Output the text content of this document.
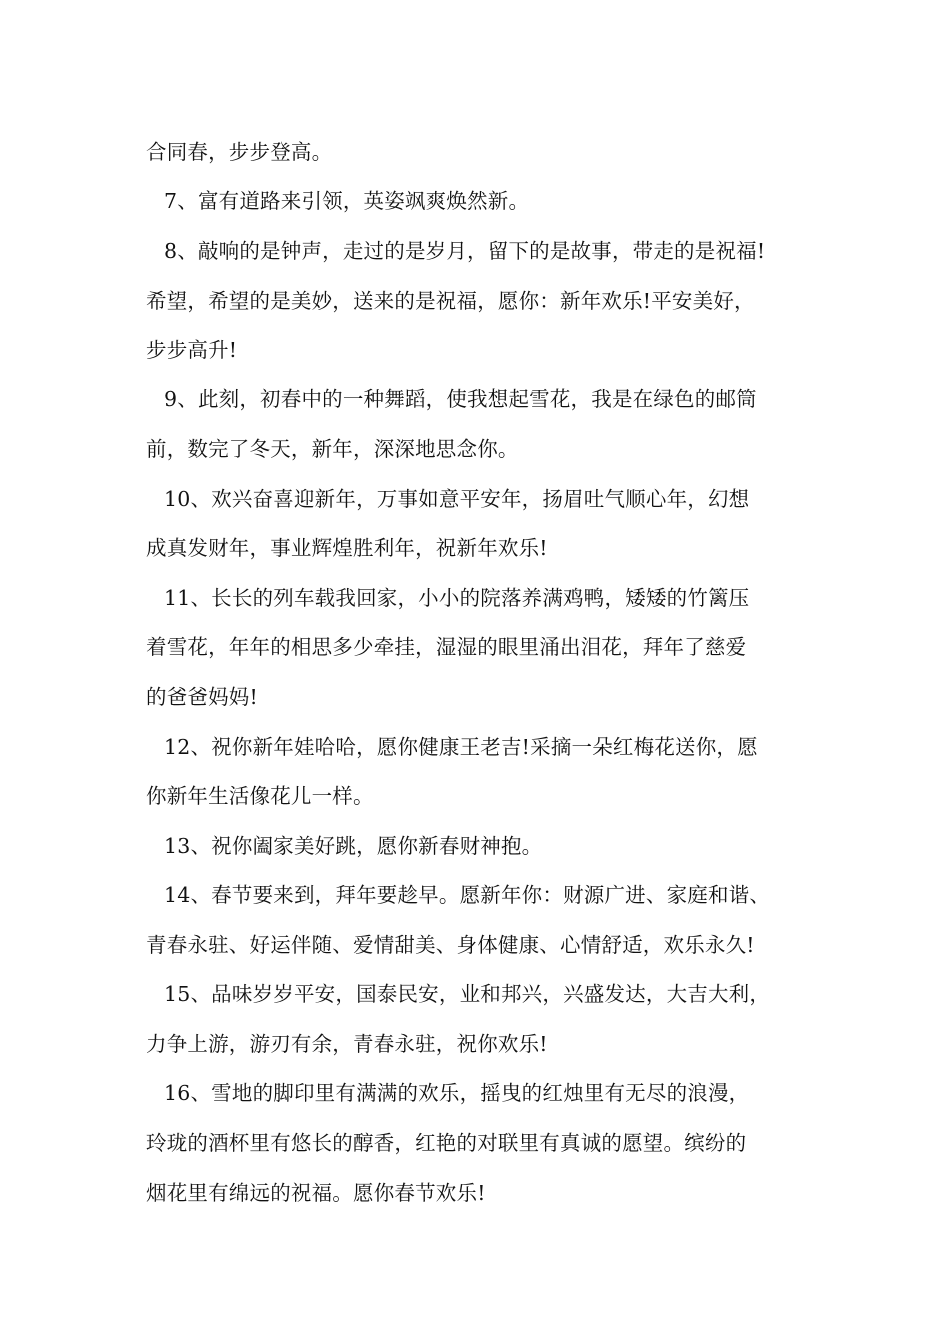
合同春，步步登高。
7、富有道路来引领，英姿飒爽焕然新。
8、敲响的是钟声，走过的是岁月，留下的是故事，带走的是祝福!
希望，希望的是美妙，送来的是祝福，愿你：新年欢乐!平安美好，
步步高升!
9、此刻，初春中的一种舞蹈，使我想起雪花，我是在绿色的邮筒
前，数完了冬天，新年，深深地思念你。
10、欢兴奋喜迎新年，万事如意平安年，扬眉吐气顺心年，幻想
成真发财年，事业辉煌胜利年，祝新年欢乐!
11、长长的列车载我回家，小小的院落养满鸡鸭，矮矮的竹篱压
着雪花，年年的相思多少牵挂，湿湿的眼里涌出泪花，拜年了慈爱
的爸爸妈妈!
12、祝你新年娃哈哈，愿你健康王老吉!采摘一朵红梅花送你，愿
你新年生活像花儿一样。
13、祝你阖家美好跳，愿你新春财神抱。
14、春节要来到，拜年要趁早。愿新年你：财源广进、家庭和谐、
青春永驻、好运伴随、爱情甜美、身体健康、心情舒适，欢乐永久!
15、品味岁岁平安，国泰民安，业和邦兴，兴盛发达，大吉大利，
力争上游，游刃有余，青春永驻，祝你欢乐!
16、雪地的脚印里有满满的欢乐，摇曳的红烛里有无尽的浪漫，
玲珑的酒杯里有悠长的醇香，红艳的对联里有真诚的愿望。缤纷的
烟花里有绵远的祝福。愿你春节欢乐!
